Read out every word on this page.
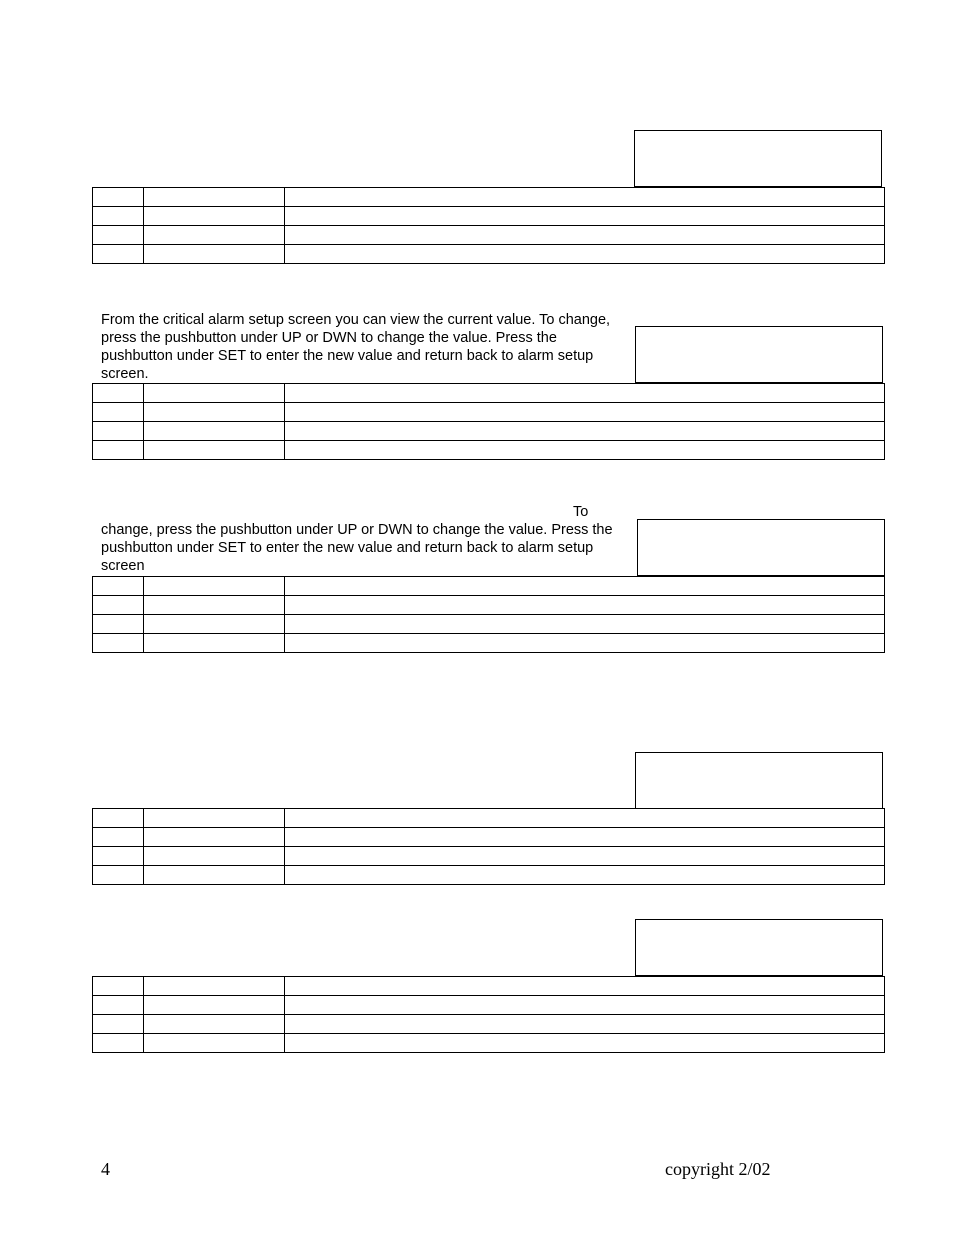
From the critical alarm setup screen you can view the current value. To change, press the pushbutton under UP or DWN to change the value. Press the pushbutton under SET to enter the new value and return back to alarm setup screen.

To

change, press the pushbutton under UP or DWN to change the value. Press the pushbutton under SET to enter the new value and return back to alarm setup screen

4	copyright 2/02
